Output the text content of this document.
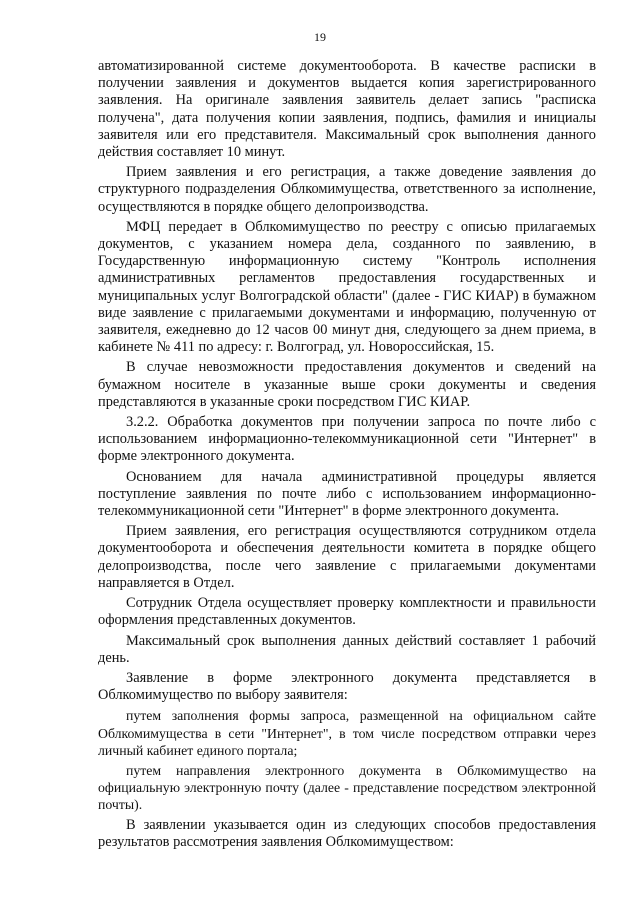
19

автоматизированной системе документооборота. В качестве расписки в получении заявления и документов выдается копия зарегистрированного заявления. На оригинале заявления заявитель делает запись "расписка получена", дата получения копии заявления, подпись, фамилия и инициалы заявителя или его представителя. Максимальный срок выполнения данного действия составляет 10 минут.

Прием заявления и его регистрация, а также доведение заявления до структурного подразделения Облкомимущества, ответственного за исполнение, осуществляются в порядке общего делопроизводства.

МФЦ передает в Облкомимущество по реестру с описью прилагаемых документов, с указанием номера дела, созданного по заявлению, в Государственную информационную систему "Контроль исполнения административных регламентов предоставления государственных и муниципальных услуг Волгоградской области" (далее - ГИС КИАР) в бумажном виде заявление с прилагаемыми документами и информацию, полученную от заявителя, ежедневно до 12 часов 00 минут дня, следующего за днем приема, в кабинете № 411 по адресу: г. Волгоград, ул. Новороссийская, 15.

В случае невозможности предоставления документов и сведений на бумажном носителе в указанные выше сроки документы и сведения представляются в указанные сроки посредством ГИС КИАР.

3.2.2. Обработка документов при получении запроса по почте либо с использованием информационно-телекоммуникационной сети "Интернет" в форме электронного документа.

Основанием для начала административной процедуры является поступление заявления по почте либо с использованием информационно-телекоммуникационной сети "Интернет" в форме электронного документа.

Прием заявления, его регистрация осуществляются сотрудником отдела документооборота и обеспечения деятельности комитета в порядке общего делопроизводства, после чего заявление с прилагаемыми документами направляется в Отдел.

Сотрудник Отдела осуществляет проверку комплектности и правильности оформления представленных документов.

Максимальный срок выполнения данных действий составляет 1 рабочий день.

Заявление в форме электронного документа представляется в Облкомимущество по выбору заявителя:

путем заполнения формы запроса, размещенной на официальном сайте Облкомимущества в сети "Интернет", в том числе посредством отправки через личный кабинет единого портала;

путем направления электронного документа в Облкомимущество на официальную электронную почту (далее - представление посредством электронной почты).

В заявлении указывается один из следующих способов предоставления результатов рассмотрения заявления Облкомимуществом:
